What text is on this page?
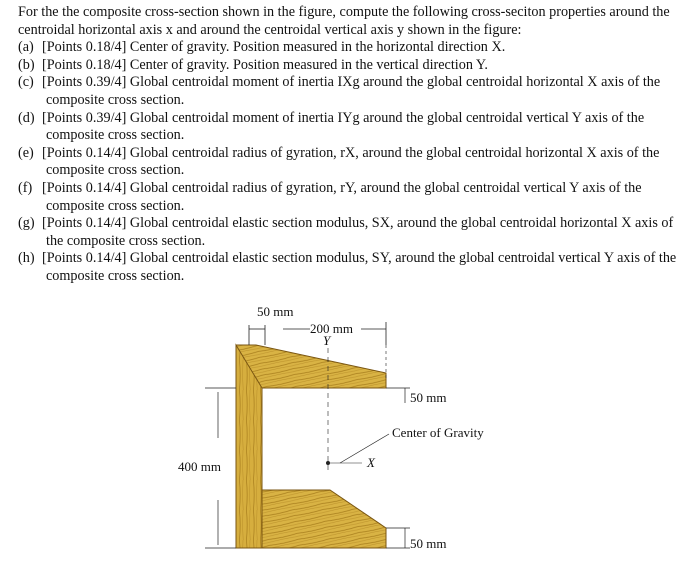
For the the composite cross-section shown in the figure, compute the following cross-seciton properties around the centroidal horizontal axis x and around the centroidal vertical axis y shown in the figure:

(a) [Points 0.18/4] Center of gravity. Position measured in the horizontal direction X.
(b) [Points 0.18/4] Center of gravity. Position measured in the vertical direction Y.
(c) [Points 0.39/4] Global centroidal moment of inertia IXg around the global centroidal horizontal X axis of the composite cross section.
(d) [Points 0.39/4] Global centroidal moment of inertia IYg around the global centroidal vertical Y axis of the composite cross section.
(e) [Points 0.14/4] Global centroidal radius of gyration, rX, around the global centroidal horizontal X axis of the composite cross section.
(f) [Points 0.14/4] Global centroidal radius of gyration, rY, around the global centroidal vertical Y axis of the composite cross section.
(g) [Points 0.14/4] Global centroidal elastic section modulus, SX, around the global centroidal horizontal X axis of the composite cross section.
(h) [Points 0.14/4] Global centroidal elastic section modulus, SY, around the global centroidal vertical Y axis of the composite cross section.
50 mm
200 mm
Y
X
Center of Gravity
50 mm
50 mm
400 mm
